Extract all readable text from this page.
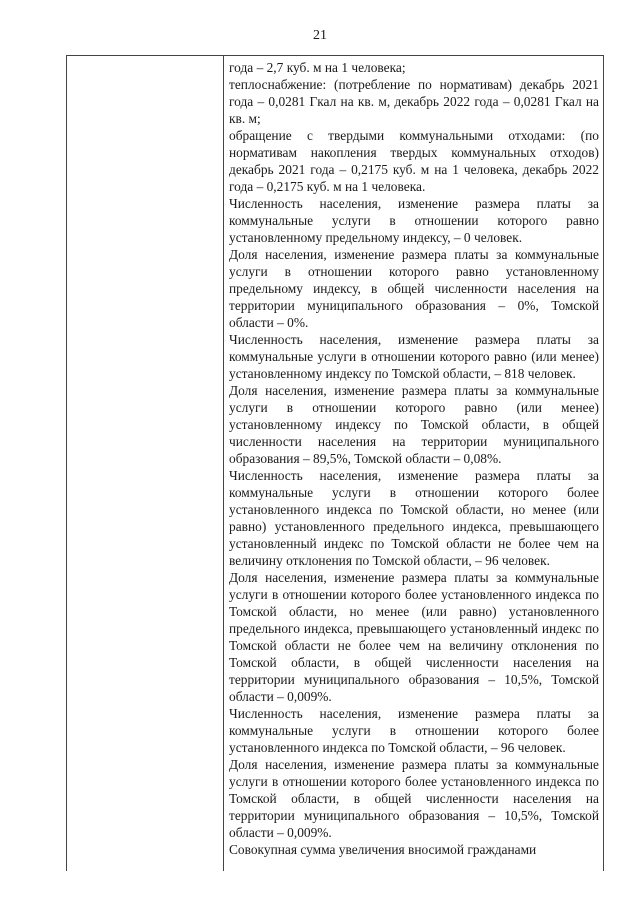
21

года – 2,7 куб. м на 1 человека;

теплоснабжение: (потребление по нормативам) декабрь 2021 года – 0,0281 Гкал на кв. м, декабрь 2022 года – 0,0281 Гкал на кв. м;

обращение с твердыми коммунальными отходами: (по нормативам накопления твердых коммунальных отходов) декабрь 2021 года – 0,2175 куб. м на 1 человека, декабрь 2022 года – 0,2175 куб. м на 1 человека.

Численность населения, изменение размера платы за коммунальные услуги в отношении которого равно установленному предельному индексу, – 0 человек.

Доля населения, изменение размера платы за коммунальные услуги в отношении которого равно установленному предельному индексу, в общей численности населения на территории муниципального образования – 0%, Томской области – 0%.

Численность населения, изменение размера платы за коммунальные услуги в отношении которого равно (или менее) установленному индексу по Томской области, – 818 человек.

Доля населения, изменение размера платы за коммунальные услуги в отношении которого равно (или менее) установленному индексу по Томской области, в общей численности населения на территории муниципального образования – 89,5%, Томской области – 0,08%.

Численность населения, изменение размера платы за коммунальные услуги в отношении которого более установленного индекса по Томской области, но менее (или равно) установленного предельного индекса, превышающего установленный индекс по Томской области не более чем на величину отклонения по Томской области, – 96 человек.

Доля населения, изменение размера платы за коммунальные услуги в отношении которого более установленного индекса по Томской области, но менее (или равно) установленного предельного индекса, превышающего установленный индекс по Томской области не более чем на величину отклонения по Томской области, в общей численности населения на территории муниципального образования – 10,5%, Томской области – 0,009%.

Численность населения, изменение размера платы за коммунальные услуги в отношении которого более установленного индекса по Томской области, – 96 человек.

Доля населения, изменение размера платы за коммунальные услуги в отношении которого более установленного индекса по Томской области, в общей численности населения на территории муниципального образования – 10,5%, Томской области – 0,009%.

Совокупная сумма увеличения вносимой гражданами
